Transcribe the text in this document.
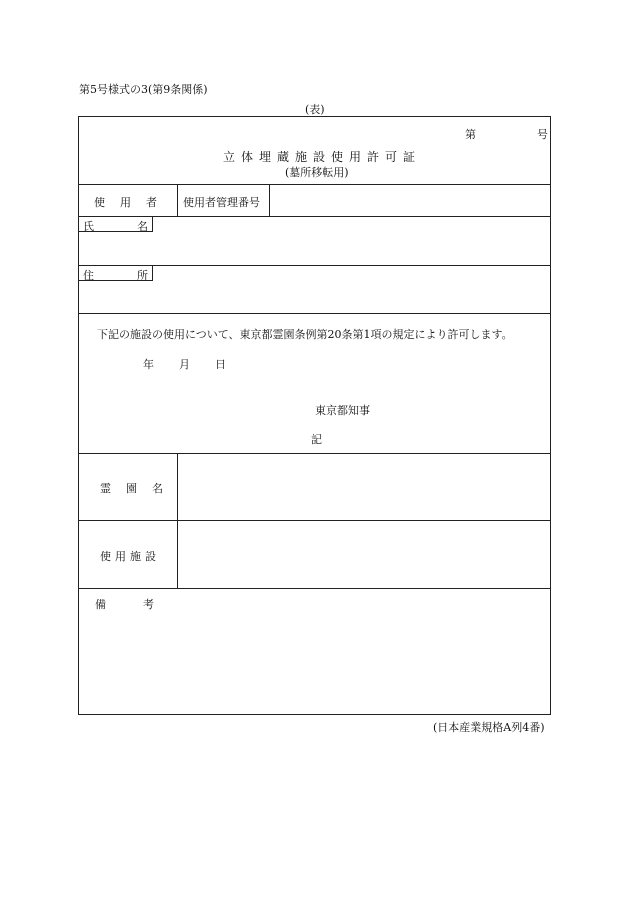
第5号様式の3(第9条関係)
(表)
第	号
立体埋蔵施設使用許可証
(墓所移転用)
使　用　者 使用者管理番号
氏	名
住	所
下記の施設の使用について、東京都霊園条例第20条第1項の規定により許可します。
年 月 日
東京都知事
記
霊　園　名
使用施設
備	考
(日本産業規格A列4番)
